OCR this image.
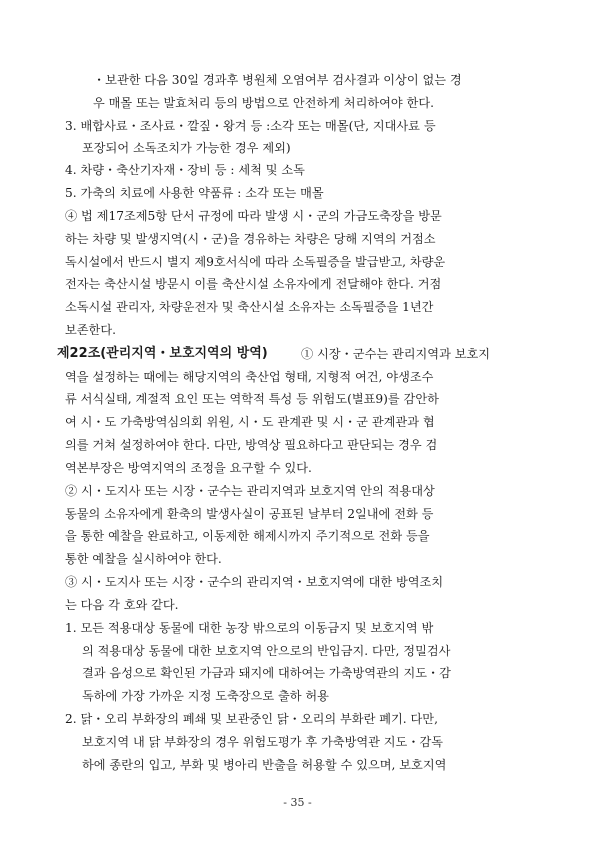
・보관한 다음 30일 경과후 병원체 오염여부 검사결과 이상이 없는 경
우 매몰 또는 발효처리 등의 방법으로 안전하게 처리하여야 한다.
3. 배합사료・조사료・깔짚・왕겨 등 :소각 또는 매몰(단, 지대사료 등
포장되어 소독조치가 가능한 경우 제외)
4. 차량・축산기자재・장비 등 : 세척 및 소독
5. 가축의 치료에 사용한 약품류 : 소각 또는 매몰
④ 법 제17조제5항 단서 규정에 따라 발생 시・군의 가금도축장을 방문
하는 차량 및 발생지역(시・군)을 경유하는 차량은 당해 지역의 거점소
독시설에서 반드시 별지 제9호서식에 따라 소독필증을 발급받고, 차량운
전자는 축산시설 방문시 이를 축산시설 소유자에게 전달해야 한다. 거점
소독시설 관리자, 차량운전자 및 축산시설 소유자는 소독필증을 1년간
보존한다.
제22조(관리지역・보호지역의 방역)	① 시장・군수는 관리지역과 보호지
역을 설정하는 때에는 해당지역의 축산업 형태, 지형적 여건, 야생조수
류 서식실태, 계절적 요인 또는 역학적 특성 등 위험도(별표9)를 감안하
여 시・도 가축방역심의회 위원, 시・도 관계관 및 시・군 관계관과 협
의를 거쳐 설정하여야 한다. 다만, 방역상 필요하다고 판단되는 경우 검
역본부장은 방역지역의 조정을 요구할 수 있다.
② 시・도지사 또는 시장・군수는 관리지역과 보호지역 안의 적용대상
동물의 소유자에게 환축의 발생사실이 공표된 날부터 2일내에 전화 등
을 통한 예찰을 완료하고, 이동제한 해제시까지 주기적으로 전화 등을
통한 예찰을 실시하여야 한다.
③ 시・도지사 또는 시장・군수의 관리지역・보호지역에 대한 방역조치
는 다음 각 호와 같다.
1. 모든 적용대상 동물에 대한 농장 밖으로의 이동금지 및 보호지역 밖
의 적용대상 동물에 대한 보호지역 안으로의 반입금지. 다만, 정밀검사
결과 음성으로 확인된 가금과 돼지에 대하여는 가축방역관의 지도・감
독하에 가장 가까운 지정 도축장으로 출하 허용
2. 닭・오리 부화장의 폐쇄 및 보관중인 닭・오리의 부화란 폐기. 다만,
보호지역 내 닭 부화장의 경우 위험도평가 후 가축방역관 지도・감독
하에 종란의 입고, 부화 및 병아리 반출을 허용할 수 있으며, 보호지역
- 35 -
